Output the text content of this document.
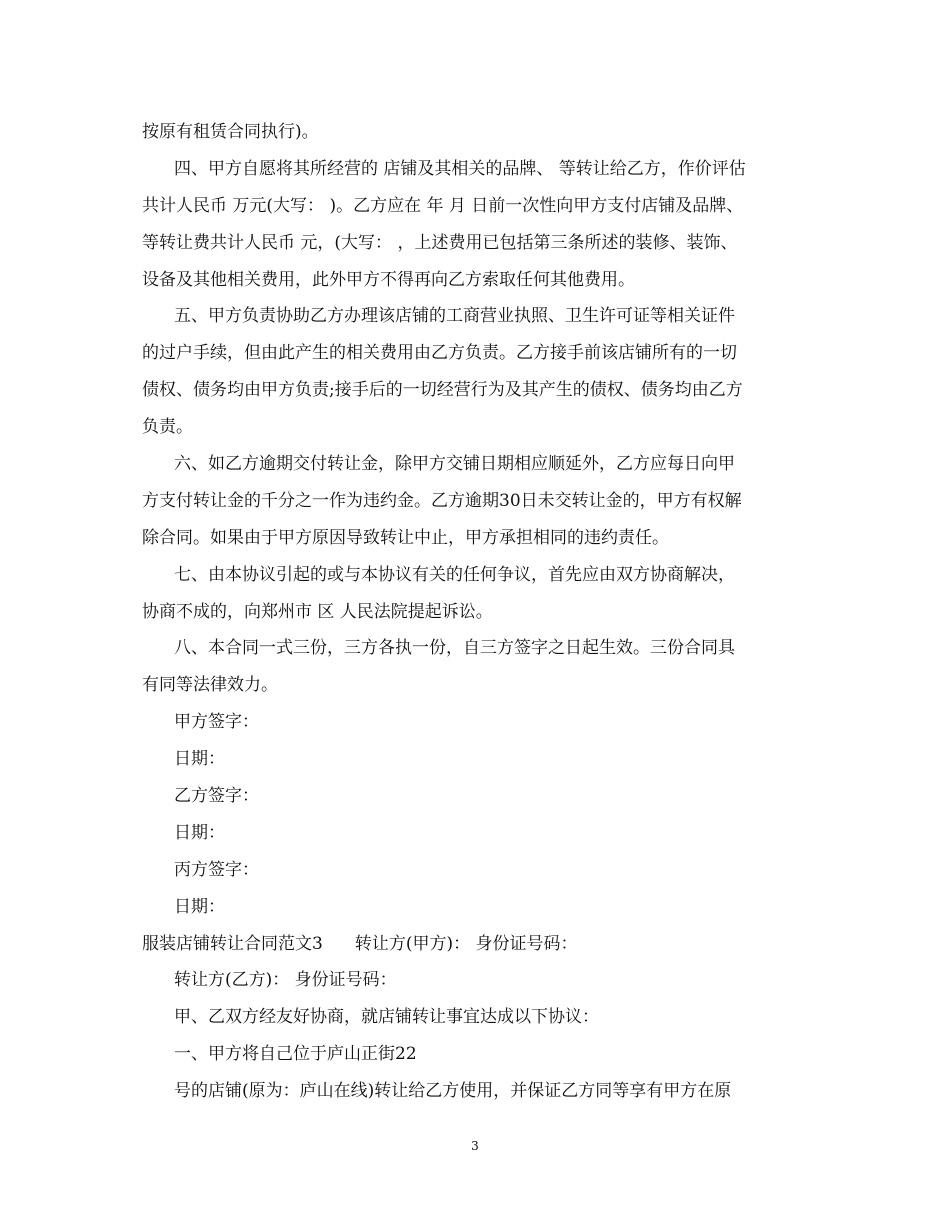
按原有租赁合同执行)。

四、甲方自愿将其所经营的 店铺及其相关的品牌、 等转让给乙方，作价评估

共计人民币 万元(大写： )。乙方应在 年 月 日前一次性向甲方支付店铺及品牌、

等转让费共计人民币 元，(大写： ，上述费用已包括第三条所述的装修、装饰、

设备及其他相关费用，此外甲方不得再向乙方索取任何其他费用。

五、甲方负责协助乙方办理该店铺的工商营业执照、卫生许可证等相关证件

的过户手续，但由此产生的相关费用由乙方负责。乙方接手前该店铺所有的一切

债权、债务均由甲方负责;接手后的一切经营行为及其产生的债权、债务均由乙方

负责。

六、如乙方逾期交付转让金，除甲方交铺日期相应顺延外，乙方应每日向甲

方支付转让金的千分之一作为违约金。乙方逾期30日未交转让金的，甲方有权解

除合同。如果由于甲方原因导致转让中止，甲方承担相同的违约责任。

七、由本协议引起的或与本协议有关的任何争议，首先应由双方协商解决，

协商不成的，向郑州市 区 人民法院提起诉讼。

八、本合同一式三份，三方各执一份，自三方签字之日起生效。三份合同具

有同等法律效力。

甲方签字：

日期：

乙方签字：

日期：

丙方签字：

日期：

服装店铺转让合同范文3 转让方(甲方)： 身份证号码：

转让方(乙方)： 身份证号码：

甲、乙双方经友好协商，就店铺转让事宜达成以下协议：

一、甲方将自己位于庐山正街22

号的店铺(原为：庐山在线)转让给乙方使用，并保证乙方同等享有甲方在原

3
